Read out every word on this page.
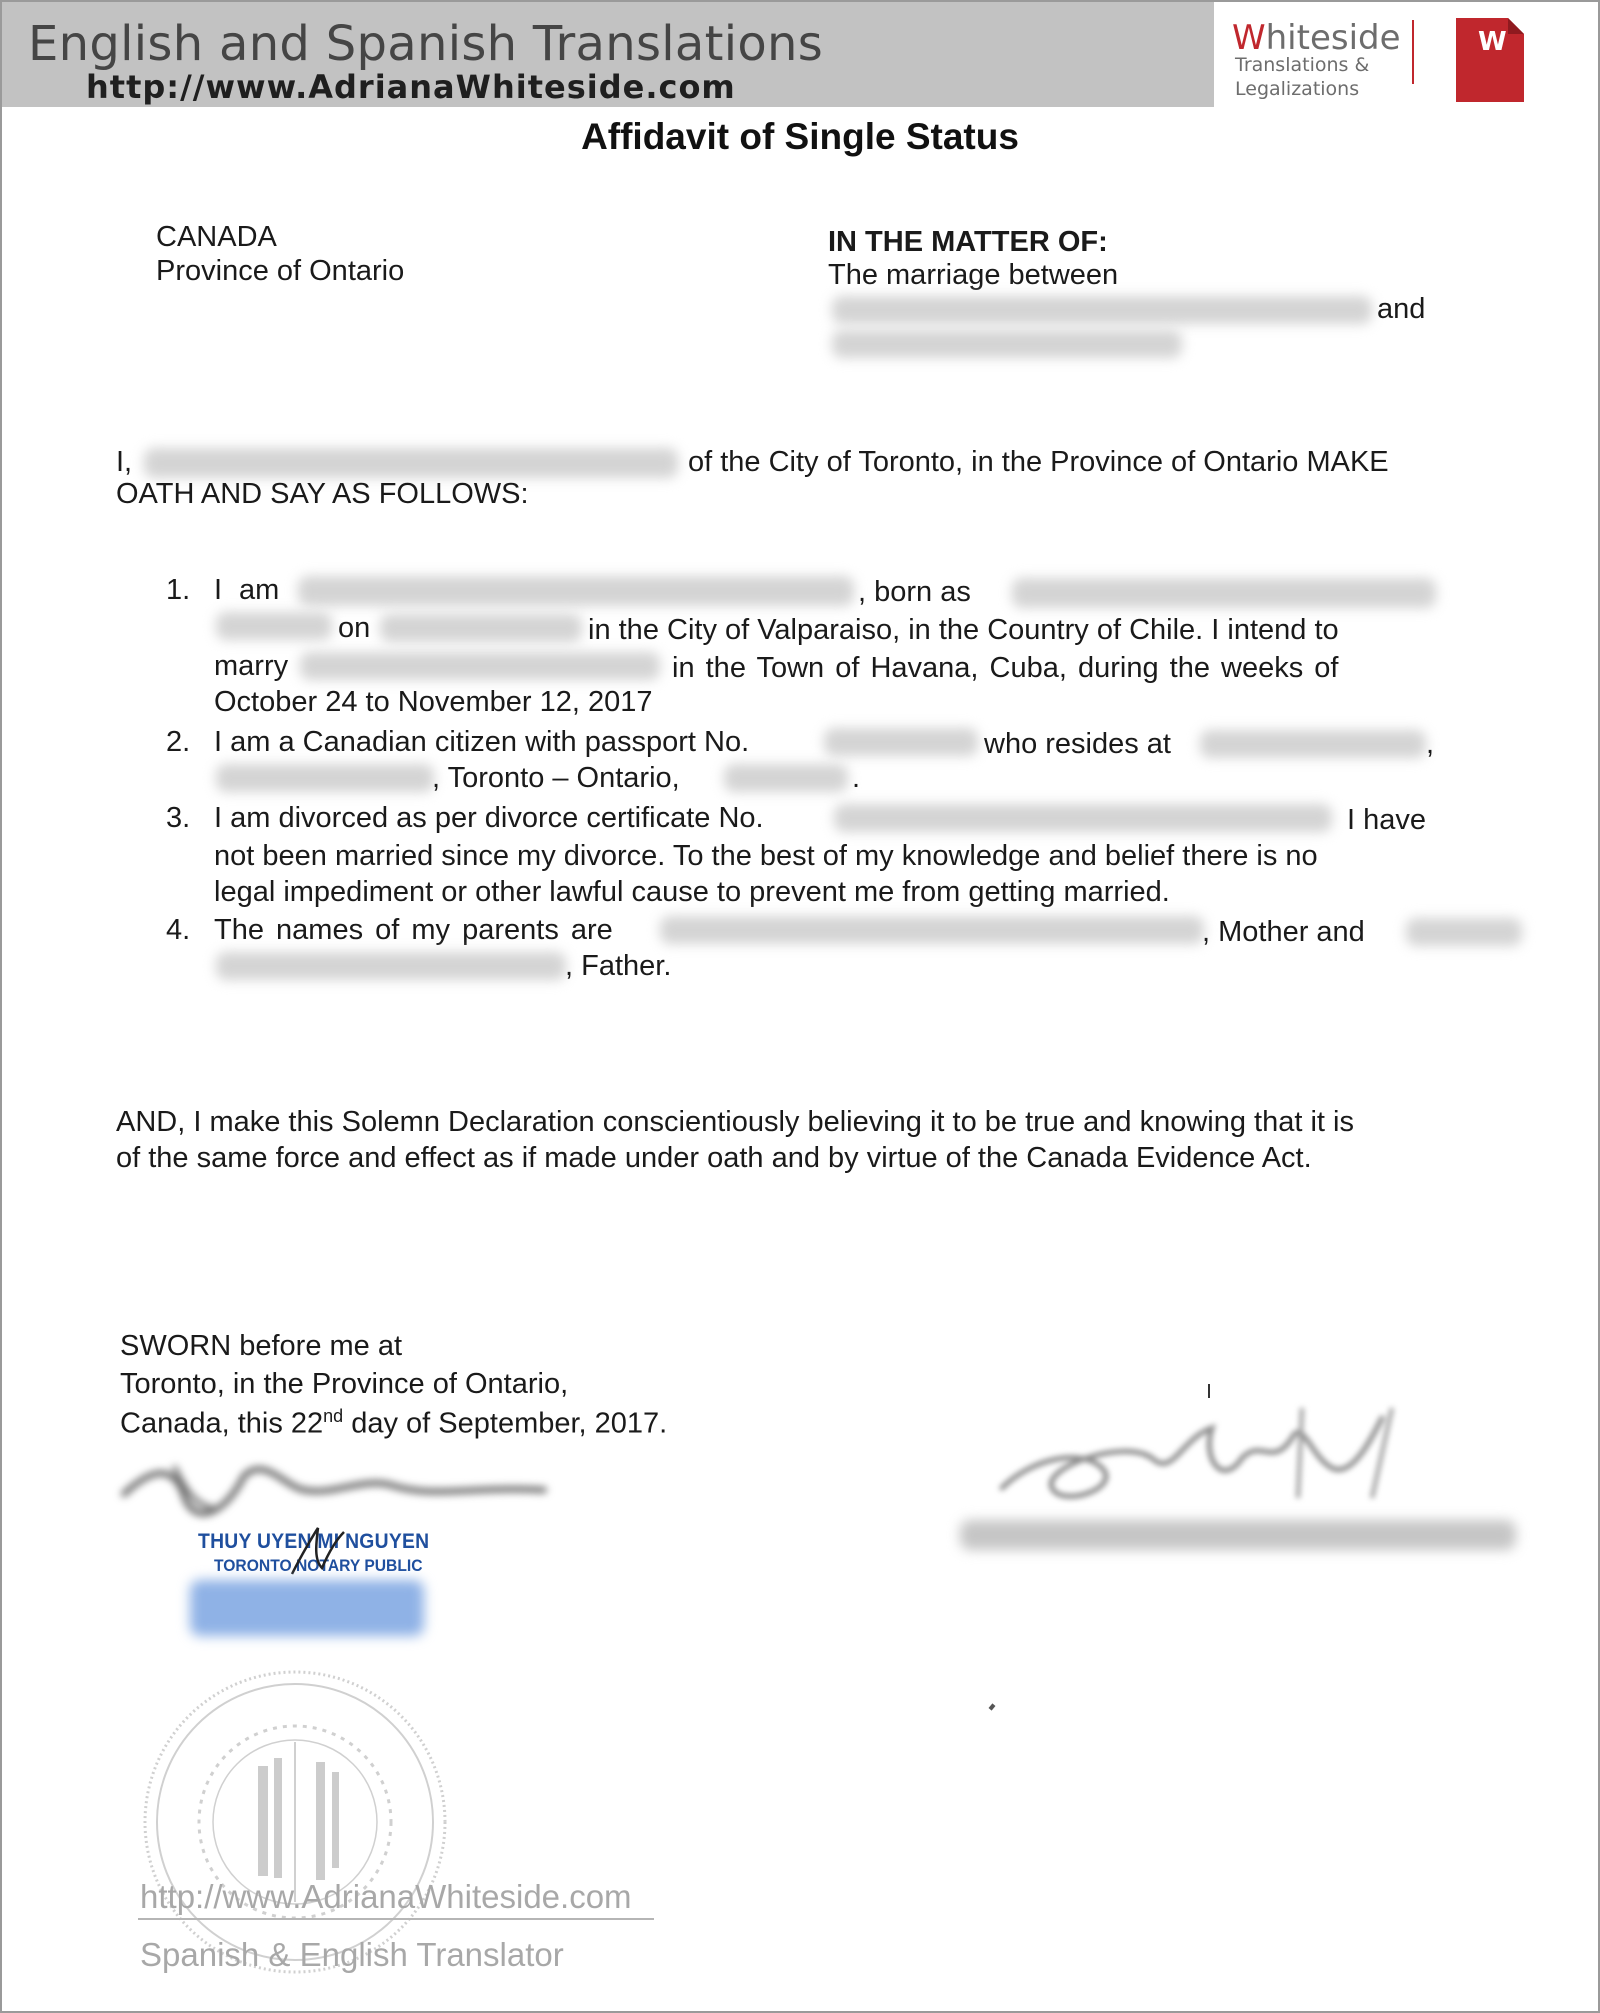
English and Spanish Translations
http://www.AdrianaWhiteside.com
Whiteside
Translations &
Legalizations
W
Affidavit of Single Status
CANADA
Province of Ontario
IN THE MATTER OF:
The marriage between
and
I,	of the City of Toronto, in the Province of Ontario MAKE
OATH AND SAY AS FOLLOWS:
1. I am	, born as
on	in the City of Valparaiso, in the Country of Chile. I intend to
marry	in the Town of Havana, Cuba, during the weeks of
October 24 to November 12, 2017
2. I am a Canadian citizen with passport No.	who resides at	,
, Toronto – Ontario,	.
3. I am divorced as per divorce certificate No.	I have
not been married since my divorce. To the best of my knowledge and belief there is no
legal impediment or other lawful cause to prevent me from getting married.
4. The names of my parents are	, Mother and
, Father.
AND, I make this Solemn Declaration conscientiously believing it to be true and knowing that it is
of the same force and effect as if made under oath and by virtue of the Canada Evidence Act.
SWORN before me at
Toronto, in the Province of Ontario,
Canada, this 22nd day of September, 2017.
THUY UYEN MI NGUYEN
TORONTO NOTARY PUBLIC
http://www.AdrianaWhiteside.com
Spanish & English Translator
